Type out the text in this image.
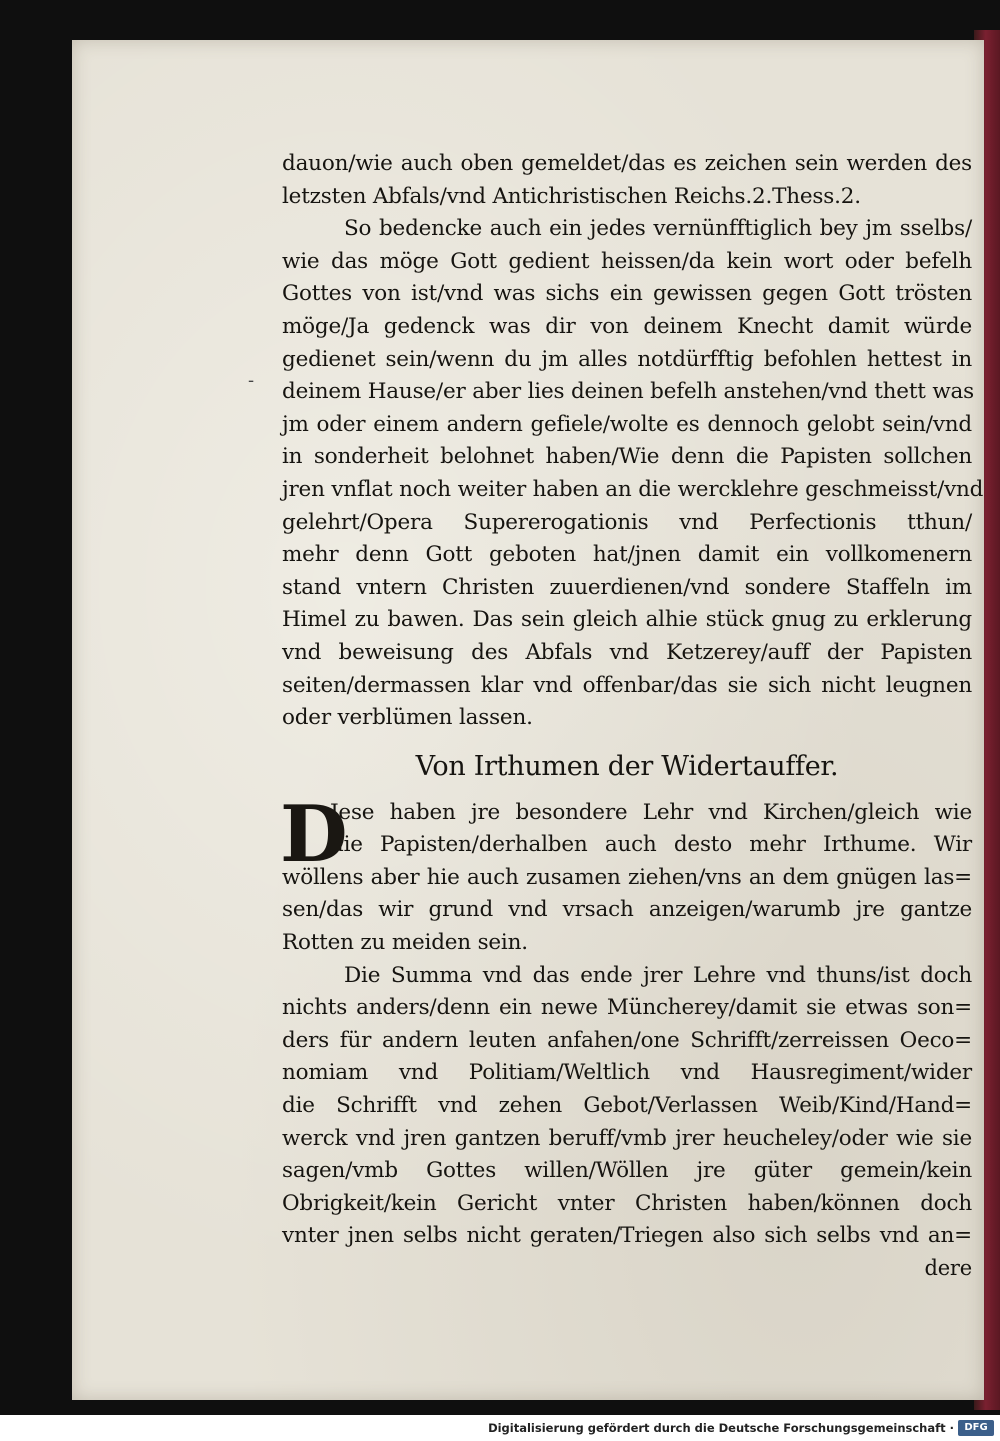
-
dauon/wie auch oben gemeldet/das es zeichen sein werden des
letzsten Abfals/vnd Antichristischen Reichs.2.Thess.2.
So bedencke auch ein jedes vernünfftiglich bey jm sselbs/
wie das möge Gott gedient heissen/da kein wort oder befelh
Gottes von ist/vnd was sichs ein gewissen gegen Gott trösten
möge/Ja gedenck was dir von deinem Knecht damit würde
gedienet sein/wenn du jm alles notdürfftig befohlen hettest in
deinem Hause/er aber lies deinen befelh anstehen/vnd thett was
jm oder einem andern gefiele/wolte es dennoch gelobt sein/vnd
in sonderheit belohnet haben/Wie denn die Papisten sollchen
jren vnflat noch weiter haben an die wercklehre geschmeisst/vnd
gelehrt/Opera Supererogationis vnd Perfectionis tthun/
mehr denn Gott geboten hat/jnen damit ein vollkomenern
stand vntern Christen zuuerdienen/vnd sondere Staffeln im
Himel zu bawen. Das sein gleich alhie stück gnug zu erklerung
vnd beweisung des Abfals vnd Ketzerey/auff der Papisten
seiten/dermassen klar vnd offenbar/das sie sich nicht leugnen
oder verblümen lassen.
Von Irthumen der Widertauffer.
D
Jese haben jre besondere Lehr vnd Kirchen/gleich wie
die Papisten/derhalben auch desto mehr Irthume. Wir
wöllens aber hie auch zusamen ziehen/vns an dem gnügen las=
sen/das wir grund vnd vrsach anzeigen/warumb jre gantze
Rotten zu meiden sein.
Die Summa vnd das ende jrer Lehre vnd thuns/ist doch
nichts anders/denn ein newe Müncherey/damit sie etwas son=
ders für andern leuten anfahen/one Schrifft/zerreissen Oeco=
nomiam vnd Politiam/Weltlich vnd Hausregiment/wider
die Schrifft vnd zehen Gebot/Verlassen Weib/Kind/Hand=
werck vnd jren gantzen beruff/vmb jrer heucheley/oder wie sie
sagen/vmb Gottes willen/Wöllen jre güter gemein/kein
Obrigkeit/kein Gericht vnter Christen haben/können doch
vnter jnen selbs nicht geraten/Triegen also sich selbs vnd an=
dere
Digitalisierung gefördert durch die Deutsche Forschungsgemeinschaft ·	DFG
